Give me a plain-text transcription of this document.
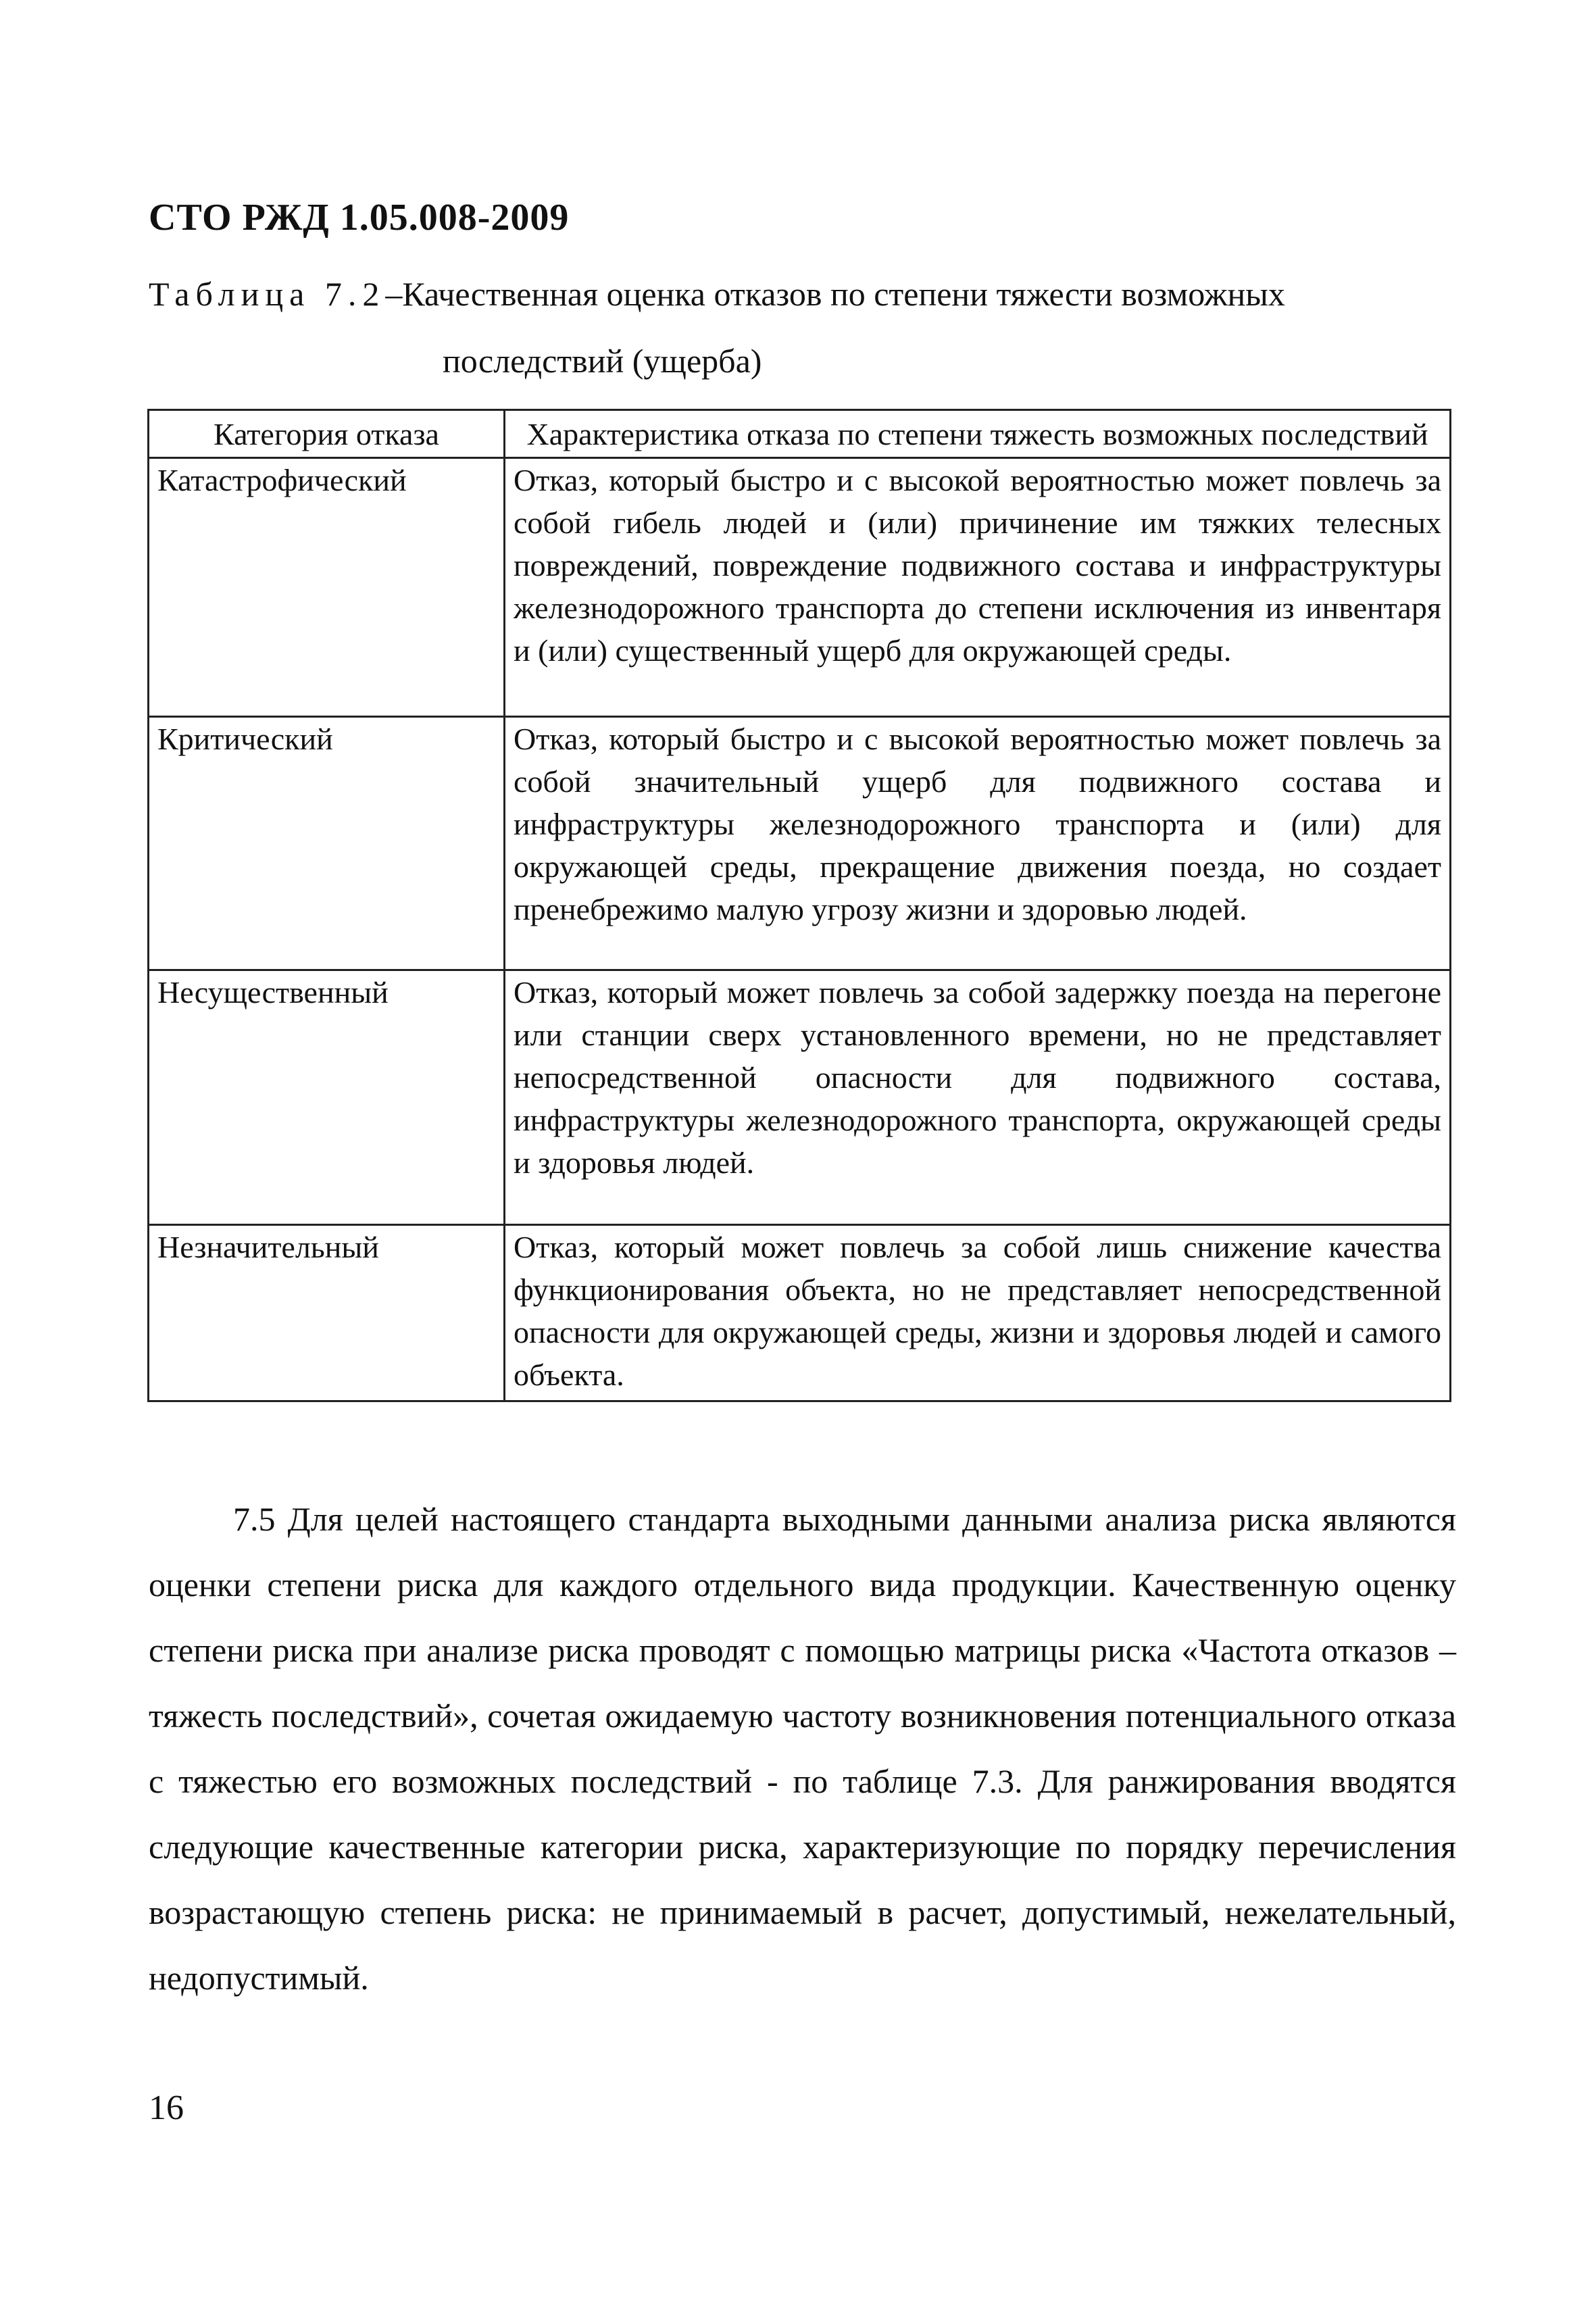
СТО РЖД 1.05.008-2009
Таблица 7.2–Качественная оценка отказов по степени тяжести возможных
последствий (ущерба)
Категория отказа	Характеристика отказа по степени тяжесть возможных последствий
Катастрофический	Отказ, который быстро и с высокой вероятностью может повлечь за собой гибель людей и (или) причинение им тяжких телесных повреждений, повреждение подвижного состава и инфраструктуры железнодорожного транспорта до степени исключения из инвентаря и (или) существенный ущерб для окружающей среды.
Критический	Отказ, который быстро и с высокой вероятностью может повлечь за собой значительный ущерб для подвижного состава и инфраструктуры железнодорожного транспорта и (или) для окружающей среды, прекращение движения поезда, но создает пренебрежимо малую угрозу жизни и здоровью людей.
Несущественный	Отказ, который может повлечь за собой задержку поезда на перегоне или станции сверх установленного времени, но не представляет непосредственной опасности для подвижного состава, инфраструктуры железнодорожного транспорта, окружающей среды и здоровья людей.
Незначительный	Отказ, который может повлечь за собой лишь снижение качества функционирования объекта, но не представляет непосредственной опасности для окружающей среды, жизни и здоровья людей и самого объекта.

7.5 Для целей настоящего стандарта выходными данными анализа риска являются оценки степени риска для каждого отдельного вида продукции. Качественную оценку степени риска при анализе риска проводят с помощью матрицы риска «Частота отказов – тяжесть последствий», сочетая ожидаемую частоту возникновения потенциального отказа с тяжестью его возможных последствий - по таблице 7.3. Для ранжирования вводятся следующие качественные категории риска, характеризующие по порядку перечисления возрастающую степень риска: не принимаемый в расчет, допустимый, нежелательный, недопустимый.

16
